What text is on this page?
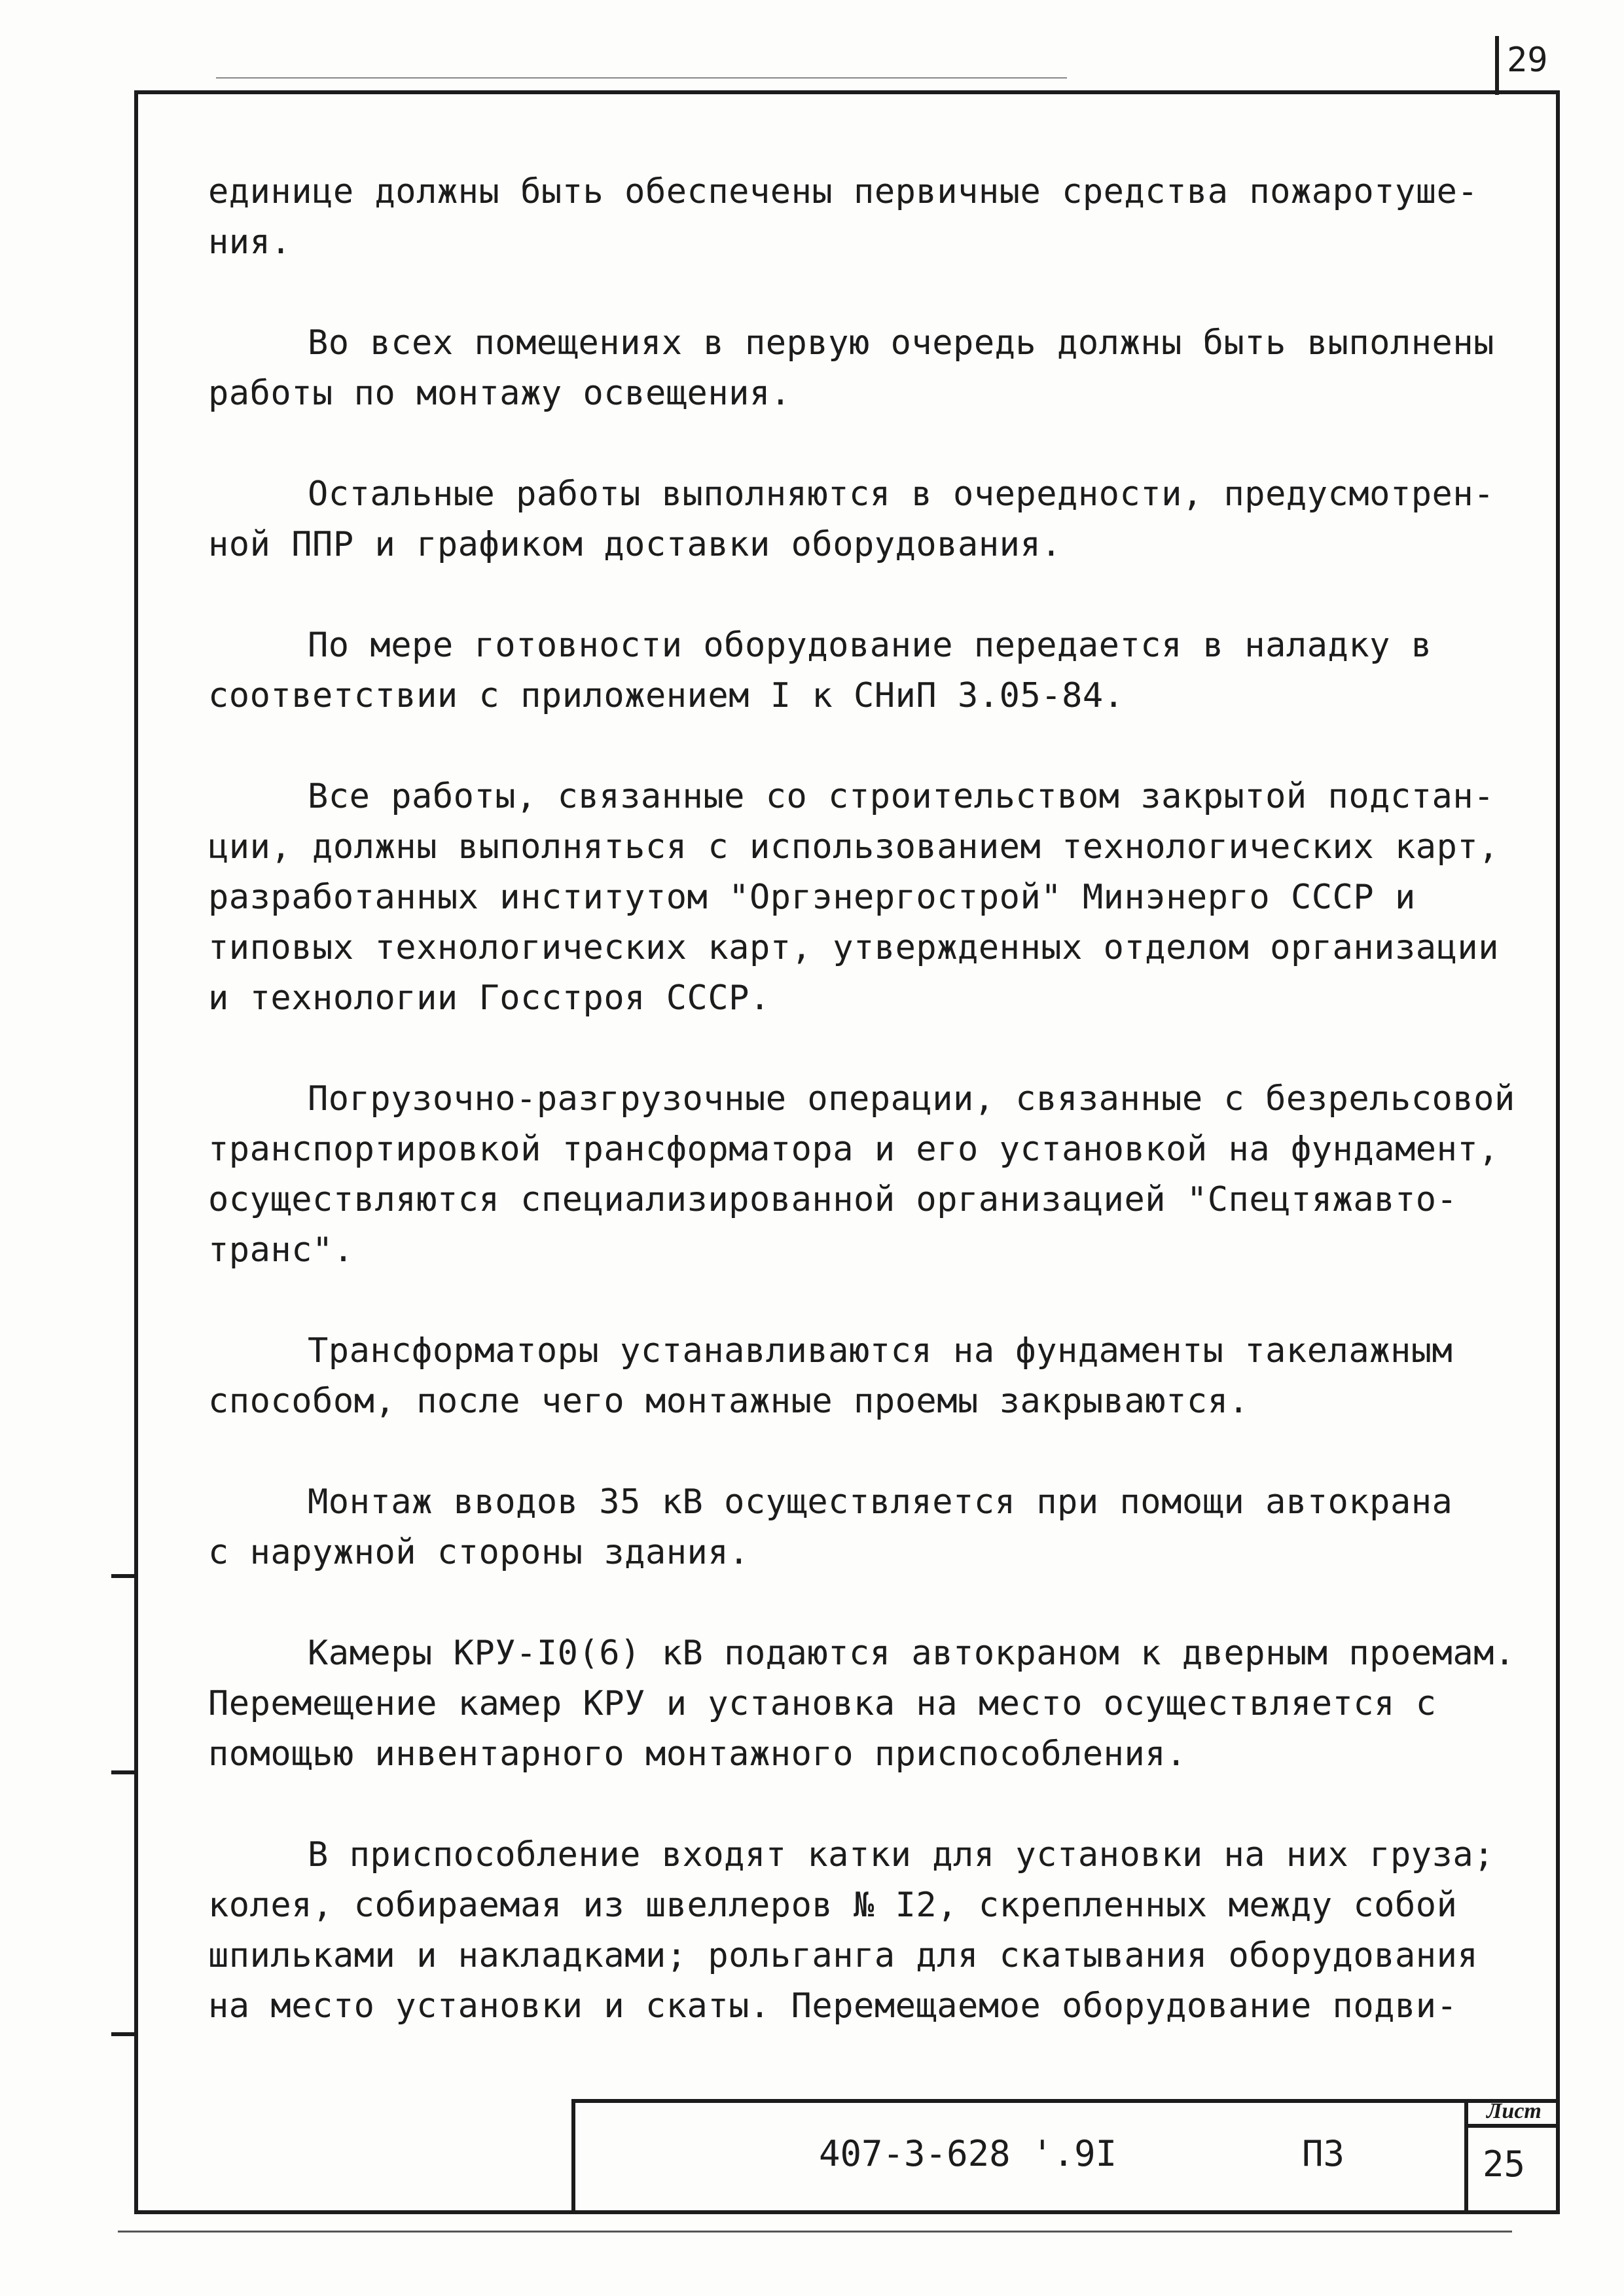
29
единице должны быть обеспечены первичные средства пожаротуше-
ния.
Во всех помещениях в первую очередь должны быть выполнены
работы по монтажу освещения.
Остальные работы выполняются в очередности, предусмотрен-
ной ППР и графиком доставки оборудования.
По мере готовности оборудование передается в наладку в
соответствии с приложением I к СНиП 3.05-84.
Все работы, связанные со строительством закрытой подстан-
ции, должны выполняться с использованием технологических карт,
разработанных институтом "Оргэнергострой" Минэнерго СССР и
типовых технологических карт, утвержденных отделом организации
и технологии Госстроя СССР.
Погрузочно-разгрузочные операции, связанные с безрельсовой
транспортировкой трансформатора и его установкой на фундамент,
осуществляются специализированной организацией "Спецтяжавто-
транс".
Трансформаторы устанавливаются на фундаменты такелажным
способом, после чего монтажные проемы закрываются.
Монтаж вводов 35 кВ осуществляется при помощи автокрана
с наружной стороны здания.
Камеры КРУ-I0(6) кВ подаются автокраном к дверным проемам.
Перемещение камер КРУ и установка на место осуществляется с
помощью инвентарного монтажного приспособления.
В приспособление входят катки для установки на них груза;
колея, собираемая из швеллеров № I2, скрепленных между собой
шпильками и накладками; рольганга для скатывания оборудования
на место установки и скаты. Перемещаемое оборудование подви-
407-3-628 '.9I	ПЗ
Лист
25
